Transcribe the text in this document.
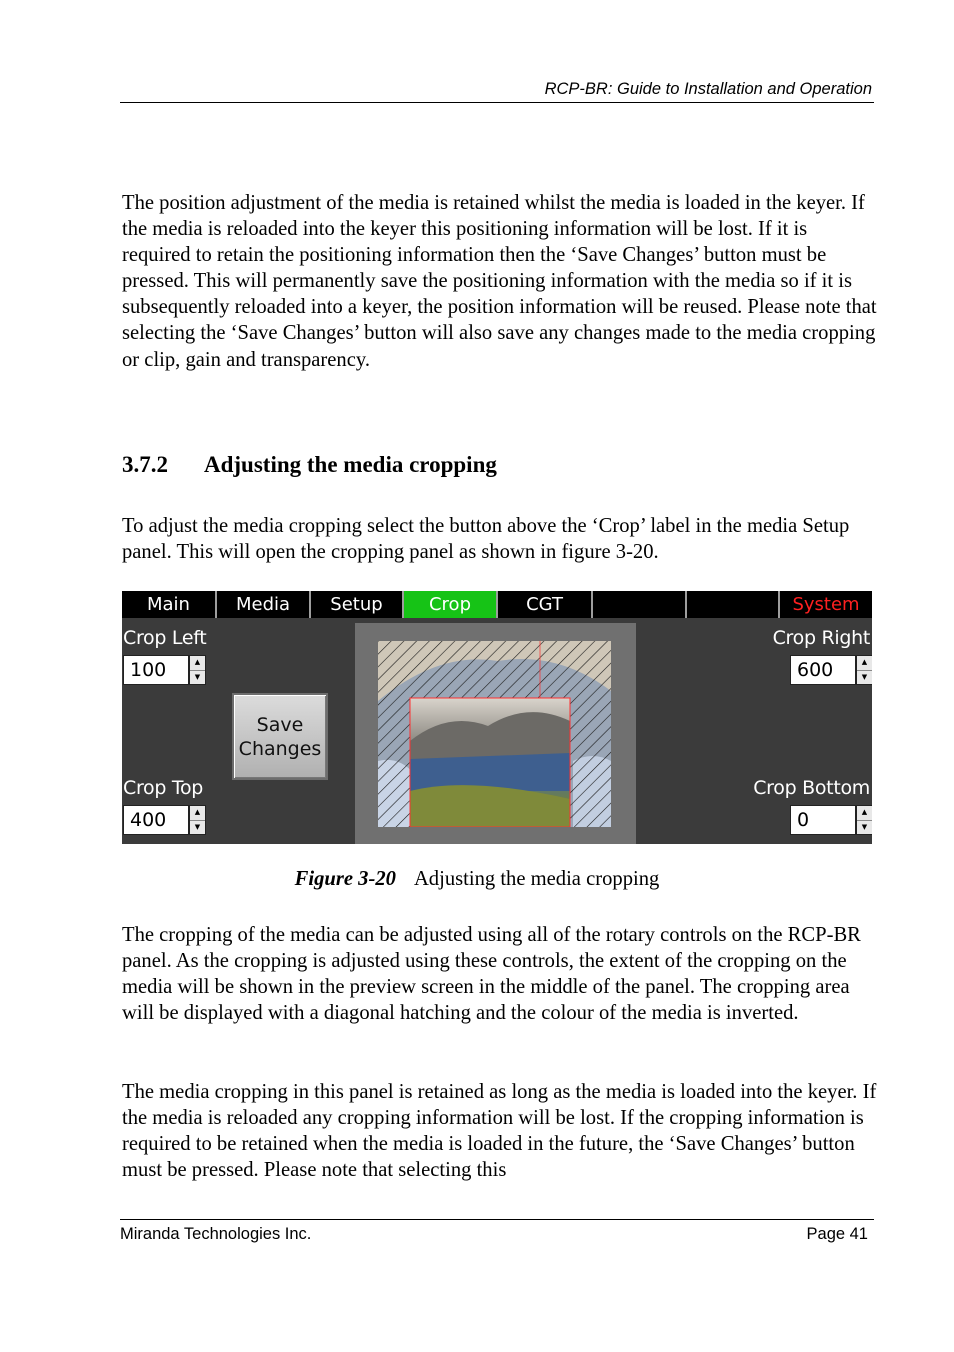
RCP-BR: Guide to Installation and Operation

The position adjustment of the media is retained whilst the media is loaded in the keyer. If the media is reloaded into the keyer this positioning information will be lost. If it is required to retain the positioning information then the ‘Save Changes’ button must be pressed. This will permanently save the positioning information with the media so if it is subsequently reloaded into a keyer, the position information will be reused. Please note that selecting the ‘Save Changes’ button will also save any changes made to the media cropping or clip, gain and transparency.

3.7.2 Adjusting the media cropping

To adjust the media cropping select the button above the ‘Crop’ label in the media Setup panel. This will open the cropping panel as shown in figure 3-20.

Main	Media	Setup	Crop	CGT	System
Crop Left
100	▲
▼
Crop Right
600	▲
▼
Save
Changes
Crop Top
400	▲
▼
Crop Bottom
0	▲
▼
Figure 3-20 Adjusting the media cropping

The cropping of the media can be adjusted using all of the rotary controls on the RCP-BR panel. As the cropping is adjusted using these controls, the extent of the cropping on the media will be shown in the preview screen in the middle of the panel. The cropping area will be displayed with a diagonal hatching and the colour of the media is inverted.

The media cropping in this panel is retained as long as the media is loaded into the keyer. If the media is reloaded any cropping information will be lost. If the cropping information is required to be retained when the media is loaded in the future, the ‘Save Changes’ button must be pressed. Please note that selecting this

Miranda Technologies Inc.	Page 41
